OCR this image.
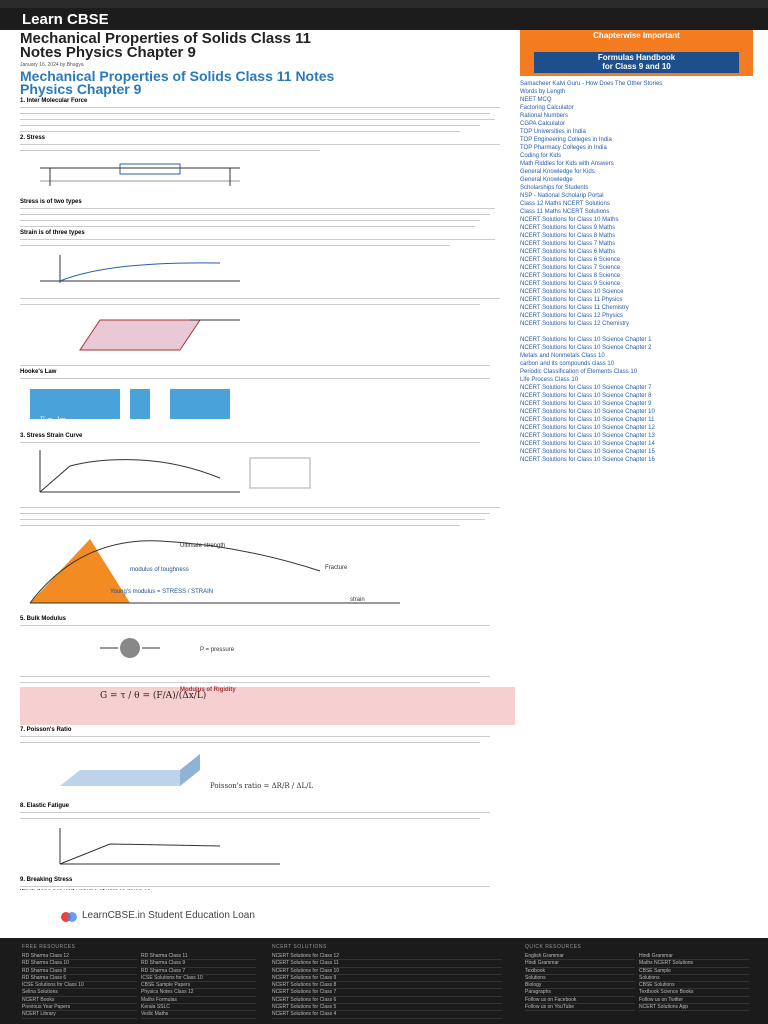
Learn CBSE
Mechanical Properties of Solids Class 11
Notes Physics Chapter 9
January 16, 2024 by Bhagya
Mechanical Properties of Solids Class 11 Notes
Physics Chapter 9
1. Inter Molecular Force

2. Stress

Stress is of two types

Strain is of three types

Hooke's Law

F = -kx
3. Stress Strain Curve

Ultimate strength
Fracture
modulus of toughness
strain
Young's modulus = STRESS / STRAIN
5. Bulk Modulus

P = pressure

Modulus of Rigidity
G = τ / θ = (F/A)/(Δx/L)
7. Poisson's Ratio

Poisson's ratio = ΔR/R / ΔL/L
8. Elastic Fatigue

9. Breaking Stress

LearnCBSE.in Student Education Loan
Chapterwise Important
Formulas Handbook
for Class 9 and 10
Samacheer Kalvi Guru - How Does The Other Stories
Words by Length
NEET MCQ
Factoring Calculator
Rational Numbers
CGPA Calculator
TOP Universities in India
TOP Engineering Colleges in India
TOP Pharmacy Colleges in India
Coding for Kids
Math Riddles for Kids with Answers
General Knowledge for Kids
General Knowledge
Scholarships for Students
NSP - National Scholarip Portal
Class 12 Maths NCERT Solutions
Class 11 Maths NCERT Solutions
NCERT Solutions for Class 10 Maths
NCERT Solutions for Class 9 Maths
NCERT Solutions for Class 8 Maths
NCERT Solutions for Class 7 Maths
NCERT Solutions for Class 6 Maths
NCERT Solutions for Class 6 Science
NCERT Solutions for Class 7 Science
NCERT Solutions for Class 8 Science
NCERT Solutions for Class 9 Science
NCERT Solutions for Class 10 Science
NCERT Solutions for Class 11 Physics
NCERT Solutions for Class 11 Chemistry
NCERT Solutions for Class 12 Physics
NCERT Solutions for Class 12 Chemistry

NCERT Solutions for Class 10 Science Chapter 1
NCERT Solutions for Class 10 Science Chapter 2
Metals and Nonmetals Class 10
carbon and its compounds class 10
Periodic Classification of Elements Class 10
Life Process Class 10
NCERT Solutions for Class 10 Science Chapter 7
NCERT Solutions for Class 10 Science Chapter 8
NCERT Solutions for Class 10 Science Chapter 9
NCERT Solutions for Class 10 Science Chapter 10
NCERT Solutions for Class 10 Science Chapter 11
NCERT Solutions for Class 10 Science Chapter 12
NCERT Solutions for Class 10 Science Chapter 13
NCERT Solutions for Class 10 Science Chapter 14
NCERT Solutions for Class 10 Science Chapter 15
NCERT Solutions for Class 10 Science Chapter 16
FREE RESOURCES
RD Sharma Class 12
RD Sharma Class 10
RD Sharma Class 8
RD Sharma Class 6
ICSE Solutions for Class 10
Selina Solutions
NCERT Books
Previous Year Papers
NCERT Library
RD Sharma Class 11
RD Sharma Class 9
RD Sharma Class 7
ICSE Solutions for Class 10
CBSE Sample Papers
Physics Notes Class 12
Maths Formulas
Kerala SSLC
Vedic Maths
NCERT SOLUTIONS
NCERT Solutions for Class 12
NCERT Solutions for Class 11
NCERT Solutions for Class 10
NCERT Solutions for Class 9
NCERT Solutions for Class 8
NCERT Solutions for Class 7
NCERT Solutions for Class 6
NCERT Solutions for Class 5
NCERT Solutions for Class 4
QUICK RESOURCES
English Grammar
Hindi Grammar
Textbook
Solutions
Biology
Paragraphs
Follow us on Facebook
Follow us on YouTube
Hindi Grammar
Maths NCERT Solutions
CBSE Sample
Solutions
CBSE Solutions
Textbook Science Books
Follow us on Twitter
NCERT Solutions App
